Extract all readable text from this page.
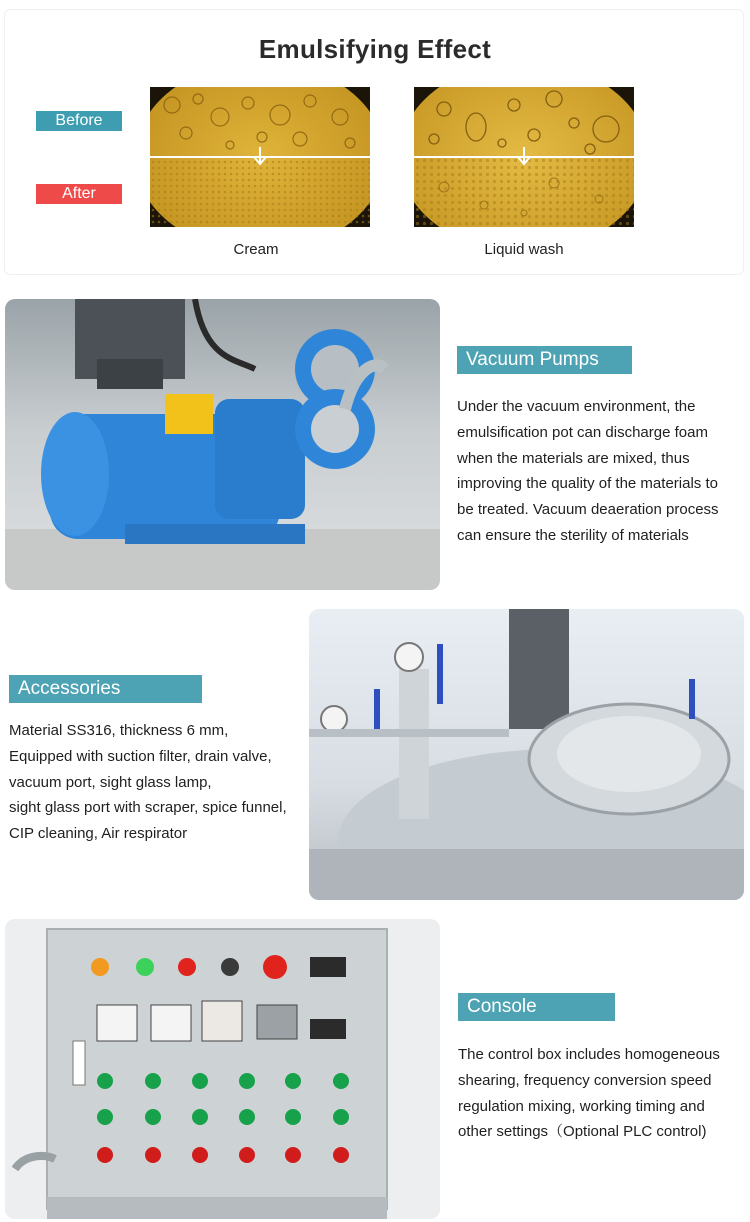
Emulsifying Effect
Before
After
Cream	Liquid wash
Vacuum Pumps
Under the vacuum environment, the
emulsification pot can discharge foam
when the materials are mixed, thus
improving the quality of the materials to
be treated. Vacuum deaeration process
can ensure the sterility of materials
Accessories
Material SS316, thickness 6 mm,
Equipped with suction filter, drain valve,
vacuum port, sight glass lamp,
sight glass port with scraper, spice funnel,
CIP cleaning, Air respirator
Console
The control box includes homogeneous
shearing, frequency conversion speed
regulation mixing, working timing and
other settings（Optional PLC control)
